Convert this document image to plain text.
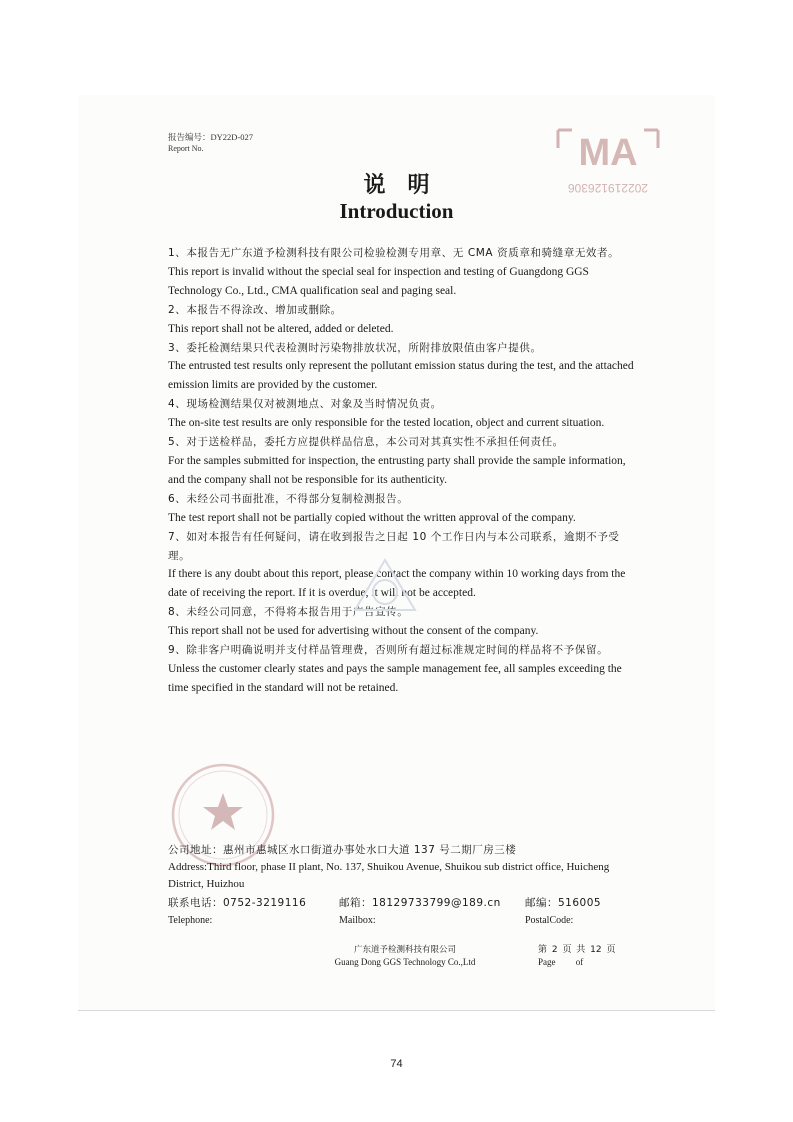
报告编号：DY22D-027
Report No.	MA
202219126306
说明
Introduction

1、本报告无广东道予检测科技有限公司检验检测专用章、无 CMA 资质章和骑缝章无效者。

This report is invalid without the special seal for inspection and testing of Guangdong GGS Technology Co., Ltd., CMA qualification seal and paging seal.

2、本报告不得涂改、增加或删除。

This report shall not be altered, added or deleted.

3、委托检测结果只代表检测时污染物排放状况，所附排放限值由客户提供。

The entrusted test results only represent the pollutant emission status during the test, and the attached emission limits are provided by the customer.

4、现场检测结果仅对被测地点、对象及当时情况负责。

The on-site test results are only responsible for the tested location, object and current situation.

5、对于送检样品，委托方应提供样品信息，本公司对其真实性不承担任何责任。

For the samples submitted for inspection, the entrusting party shall provide the sample information, and the company shall not be responsible for its authenticity.

6、未经公司书面批准，不得部分复制检测报告。

The test report shall not be partially copied without the written approval of the company.

7、如对本报告有任何疑问，请在收到报告之日起 10 个工作日内与本公司联系，逾期不予受理。

If there is any doubt about this report, please contact the company within 10 working days from the date of receiving the report. If it is overdue, it will not be accepted.

8、未经公司同意，不得将本报告用于广告宣传。

This report shall not be used for advertising without the consent of the company.

9、除非客户明确说明并支付样品管理费，否则所有超过标准规定时间的样品将不予保留。

Unless the customer clearly states and pays the sample management fee, all samples exceeding the time specified in the standard will not be retained.

公司地址：惠州市惠城区水口街道办事处水口大道 137 号二期厂房三楼
Address:Third floor, phase II plant, No. 137, Shuikou Avenue, Shuikou sub district office, Huicheng District, Huizhou
联系电话：0752-3219116
Telephone:
邮箱：18129733799@189.cn
Mailbox:
邮编：516005
PostalCode:
广东道予检测科技有限公司
Guang Dong GGS Technology Co.,Ltd
第 2 页 共 12 页
Page of
74
